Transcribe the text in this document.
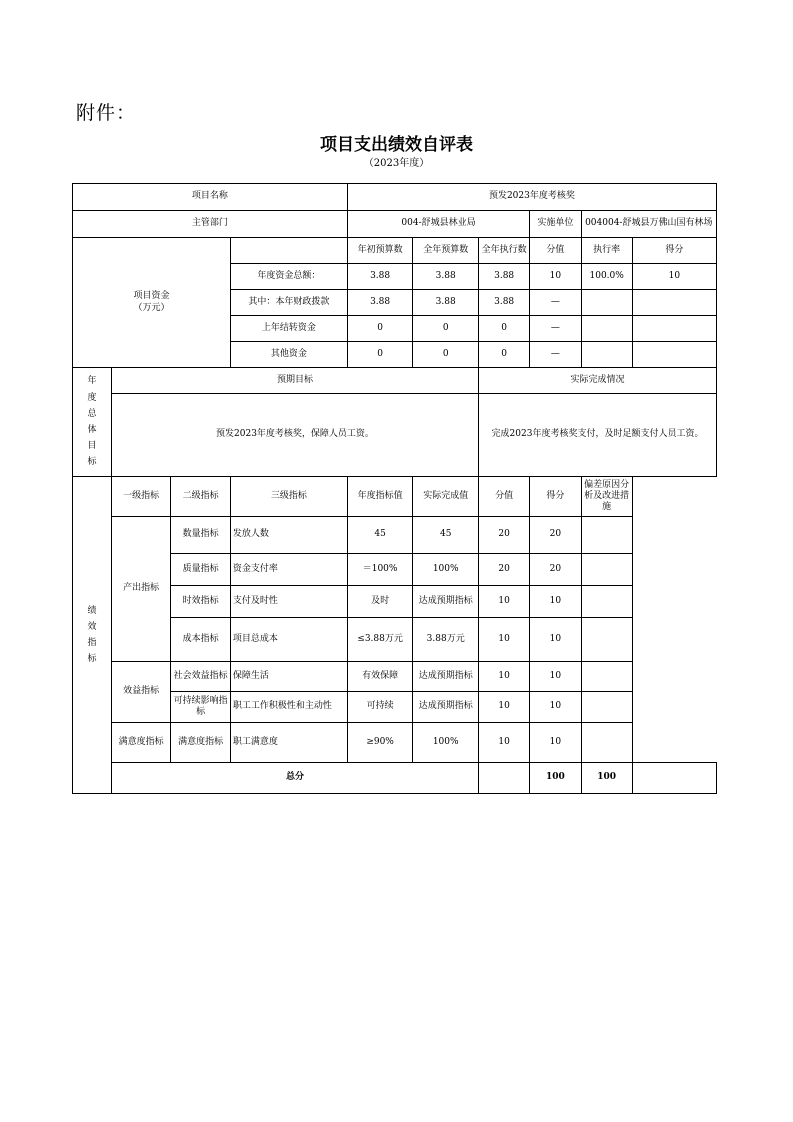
附件：
项目支出绩效自评表
（2023年度）
项目名称				预发2023年度考核奖					
主管部门				004-舒城县林业局			实施单位	004004-舒城县万佛山国有林场	
项目资金
（万元）				年初预算数	全年预算数	全年执行数	分值	执行率	得分
			年度资金总额：	3.88	3.88	3.88	10	100.0%	10
			其中：本年财政拨款	3.88	3.88	3.88	—		
			上年结转资金	0	0	0	—		
			其他资金	0	0	0	—		
年度总体目标	预期目标					实际完成情况			
	预发2023年度考核奖，保障人员工资。					完成2023年度考核奖支付，及时足额支付人员工资。			
绩效指标	一级指标	二级指标	三级指标	年度指标值	实际完成值	分值	得分	偏差原因分析及改进措施	
	产出指标	数量指标	发放人数	45	45	20	20		
		质量指标	资金支付率	＝100%	100%	20	20		
		时效指标	支付及时性	及时	达成预期指标	10	10		
		成本指标	项目总成本	≤3.88万元	3.88万元	10	10		
	效益指标	社会效益指标	保障生活	有效保障	达成预期指标	10	10		
		可持续影响指标	职工工作积极性和主动性	可持续	达成预期指标	10	10		
	满意度指标	满意度指标	职工满意度	≥90%	100%	10	10		
	总分						100	100	
